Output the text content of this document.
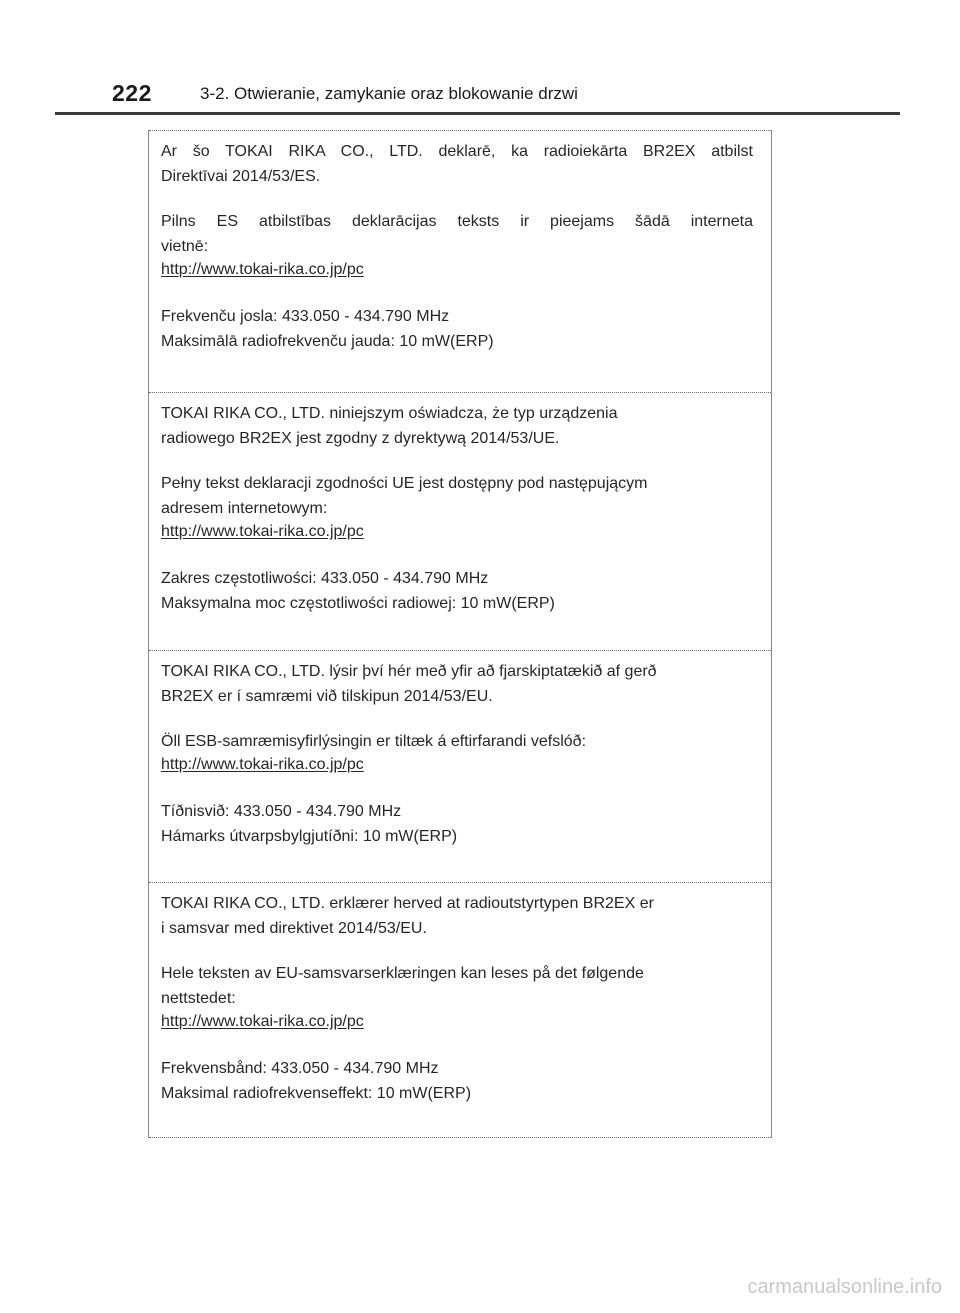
222	3-2. Otwieranie, zamykanie oraz blokowanie drzwi
Ar šo TOKAI RIKA CO., LTD. deklarē, ka radioiekārta BR2EX atbilst
Direktīvai 2014/53/ES.
Pilns ES atbilstības deklarācijas teksts ir pieejams šādā interneta
vietnē:
http://www.tokai-rika.co.jp/pc
Frekvenču josla: 433.050 - 434.790 MHz
Maksimālā radiofrekvenču jauda: 10 mW(ERP)
TOKAI RIKA CO., LTD. niniejszym oświadcza, że typ urządzenia
radiowego BR2EX jest zgodny z dyrektywą 2014/53/UE.
Pełny tekst deklaracji zgodności UE jest dostępny pod następującym
adresem internetowym:
http://www.tokai-rika.co.jp/pc
Zakres częstotliwości: 433.050 - 434.790 MHz
Maksymalna moc częstotliwości radiowej: 10 mW(ERP)
TOKAI RIKA CO., LTD. lýsir því hér með yfir að fjarskiptatækið af gerð
BR2EX er í samræmi við tilskipun 2014/53/EU.
Öll ESB-samræmisyfirlýsingin er tiltæk á eftirfarandi vefslóð:
http://www.tokai-rika.co.jp/pc
Tíðnisvið: 433.050 - 434.790 MHz
Hámarks útvarpsbylgjutíðni: 10 mW(ERP)
TOKAI RIKA CO., LTD. erklærer herved at radioutstyrtypen BR2EX er
i samsvar med direktivet 2014/53/EU.
Hele teksten av EU-samsvarserklæringen kan leses på det følgende
nettstedet:
http://www.tokai-rika.co.jp/pc
Frekvensbånd: 433.050 - 434.790 MHz
Maksimal radiofrekvenseffekt: 10 mW(ERP)
carmanualsonline.info
